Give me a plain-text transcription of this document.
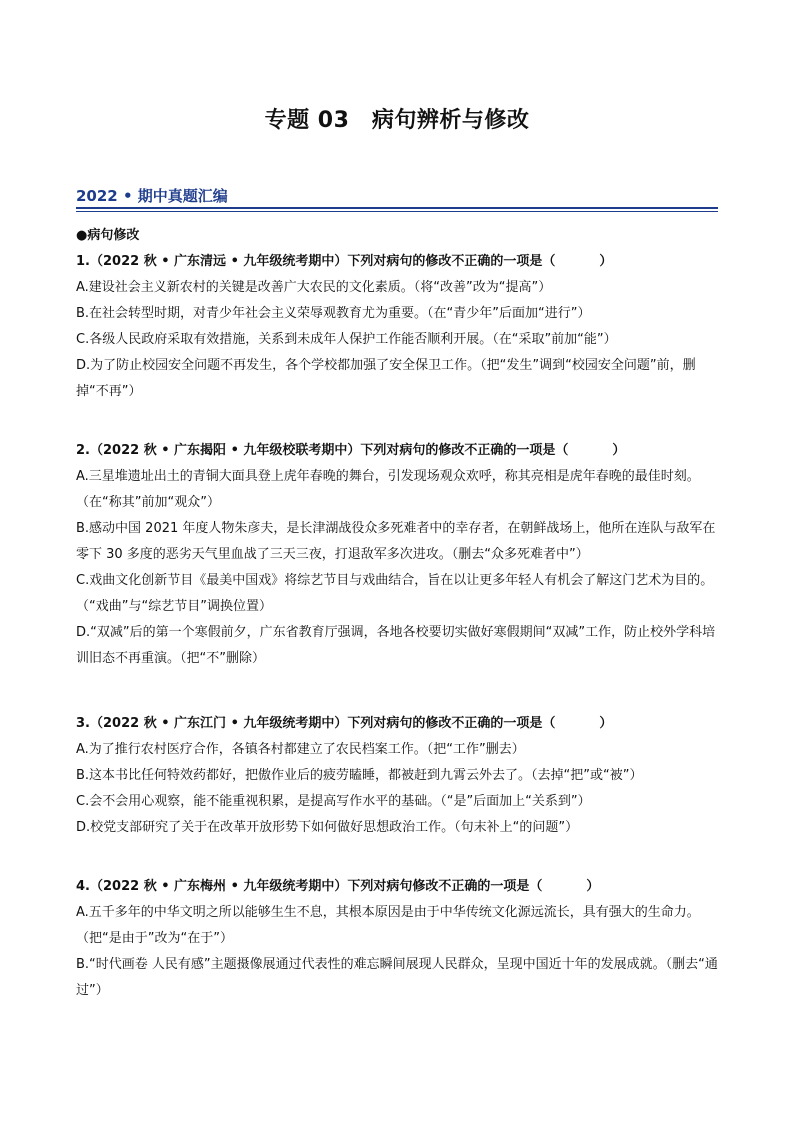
专题 03　病句辨析与修改
2022 • 期中真题汇编
●病句修改
1.（2022 秋 • 广东清远 • 九年级统考期中）下列对病句的修改不正确的一项是（	）

A.建设社会主义新农村的关键是改善广大农民的文化素质。（将“改善”改为“提高”）

B.在社会转型时期，对青少年社会主义荣辱观教育尤为重要。（在“青少年”后面加“进行”）

C.各级人民政府采取有效措施，关系到未成年人保护工作能否顺利开展。（在“采取”前加“能”）

D.为了防止校园安全问题不再发生，各个学校都加强了安全保卫工作。（把“发生”调到“校园安全问题”前，删掉“不再”）

2.（2022 秋 • 广东揭阳 • 九年级校联考期中）下列对病句的修改不正确的一项是（	）

A.三星堆遗址出土的青铜大面具登上虎年春晚的舞台，引发现场观众欢呼，称其亮相是虎年春晚的最佳时刻。（在“称其”前加“观众”）

B.感动中国 2021 年度人物朱彦夫，是长津湖战役众多死难者中的幸存者，在朝鲜战场上，他所在连队与敌军在零下 30 多度的恶劣天气里血战了三天三夜，打退敌军多次进攻。（删去“众多死难者中”）

C.戏曲文化创新节目《最美中国戏》将综艺节目与戏曲结合，旨在以让更多年轻人有机会了解这门艺术为目的。（“戏曲”与“综艺节目”调换位置）

D.“双减”后的第一个寒假前夕，广东省教育厅强调，各地各校要切实做好寒假期间“双减”工作，防止校外学科培训旧态不再重演。（把“不”删除）

3.（2022 秋 • 广东江门 • 九年级统考期中）下列对病句的修改不正确的一项是（	）

A.为了推行农村医疗合作，各镇各村都建立了农民档案工作。（把“工作”删去）

B.这本书比任何特效药都好，把傲作业后的疲劳瞌睡，都被赶到九霄云外去了。（去掉“把”或“被”）

C.会不会用心观察，能不能重视积累，是提高写作水平的基础。（“是”后面加上“关系到”）

D.校党支部研究了关于在改革开放形势下如何做好思想政治工作。（句末补上“的问题”）

4.（2022 秋 • 广东梅州 • 九年级统考期中）下列对病句修改不正确的一项是（	）

A.五千多年的中华文明之所以能够生生不息，其根本原因是由于中华传统文化源远流长，具有强大的生命力。（把“是由于”改为“在于”）

B.“时代画卷 人民有感”主题摄像展通过代表性的难忘瞬间展现人民群众，呈现中国近十年的发展成就。（删去“通过”）
